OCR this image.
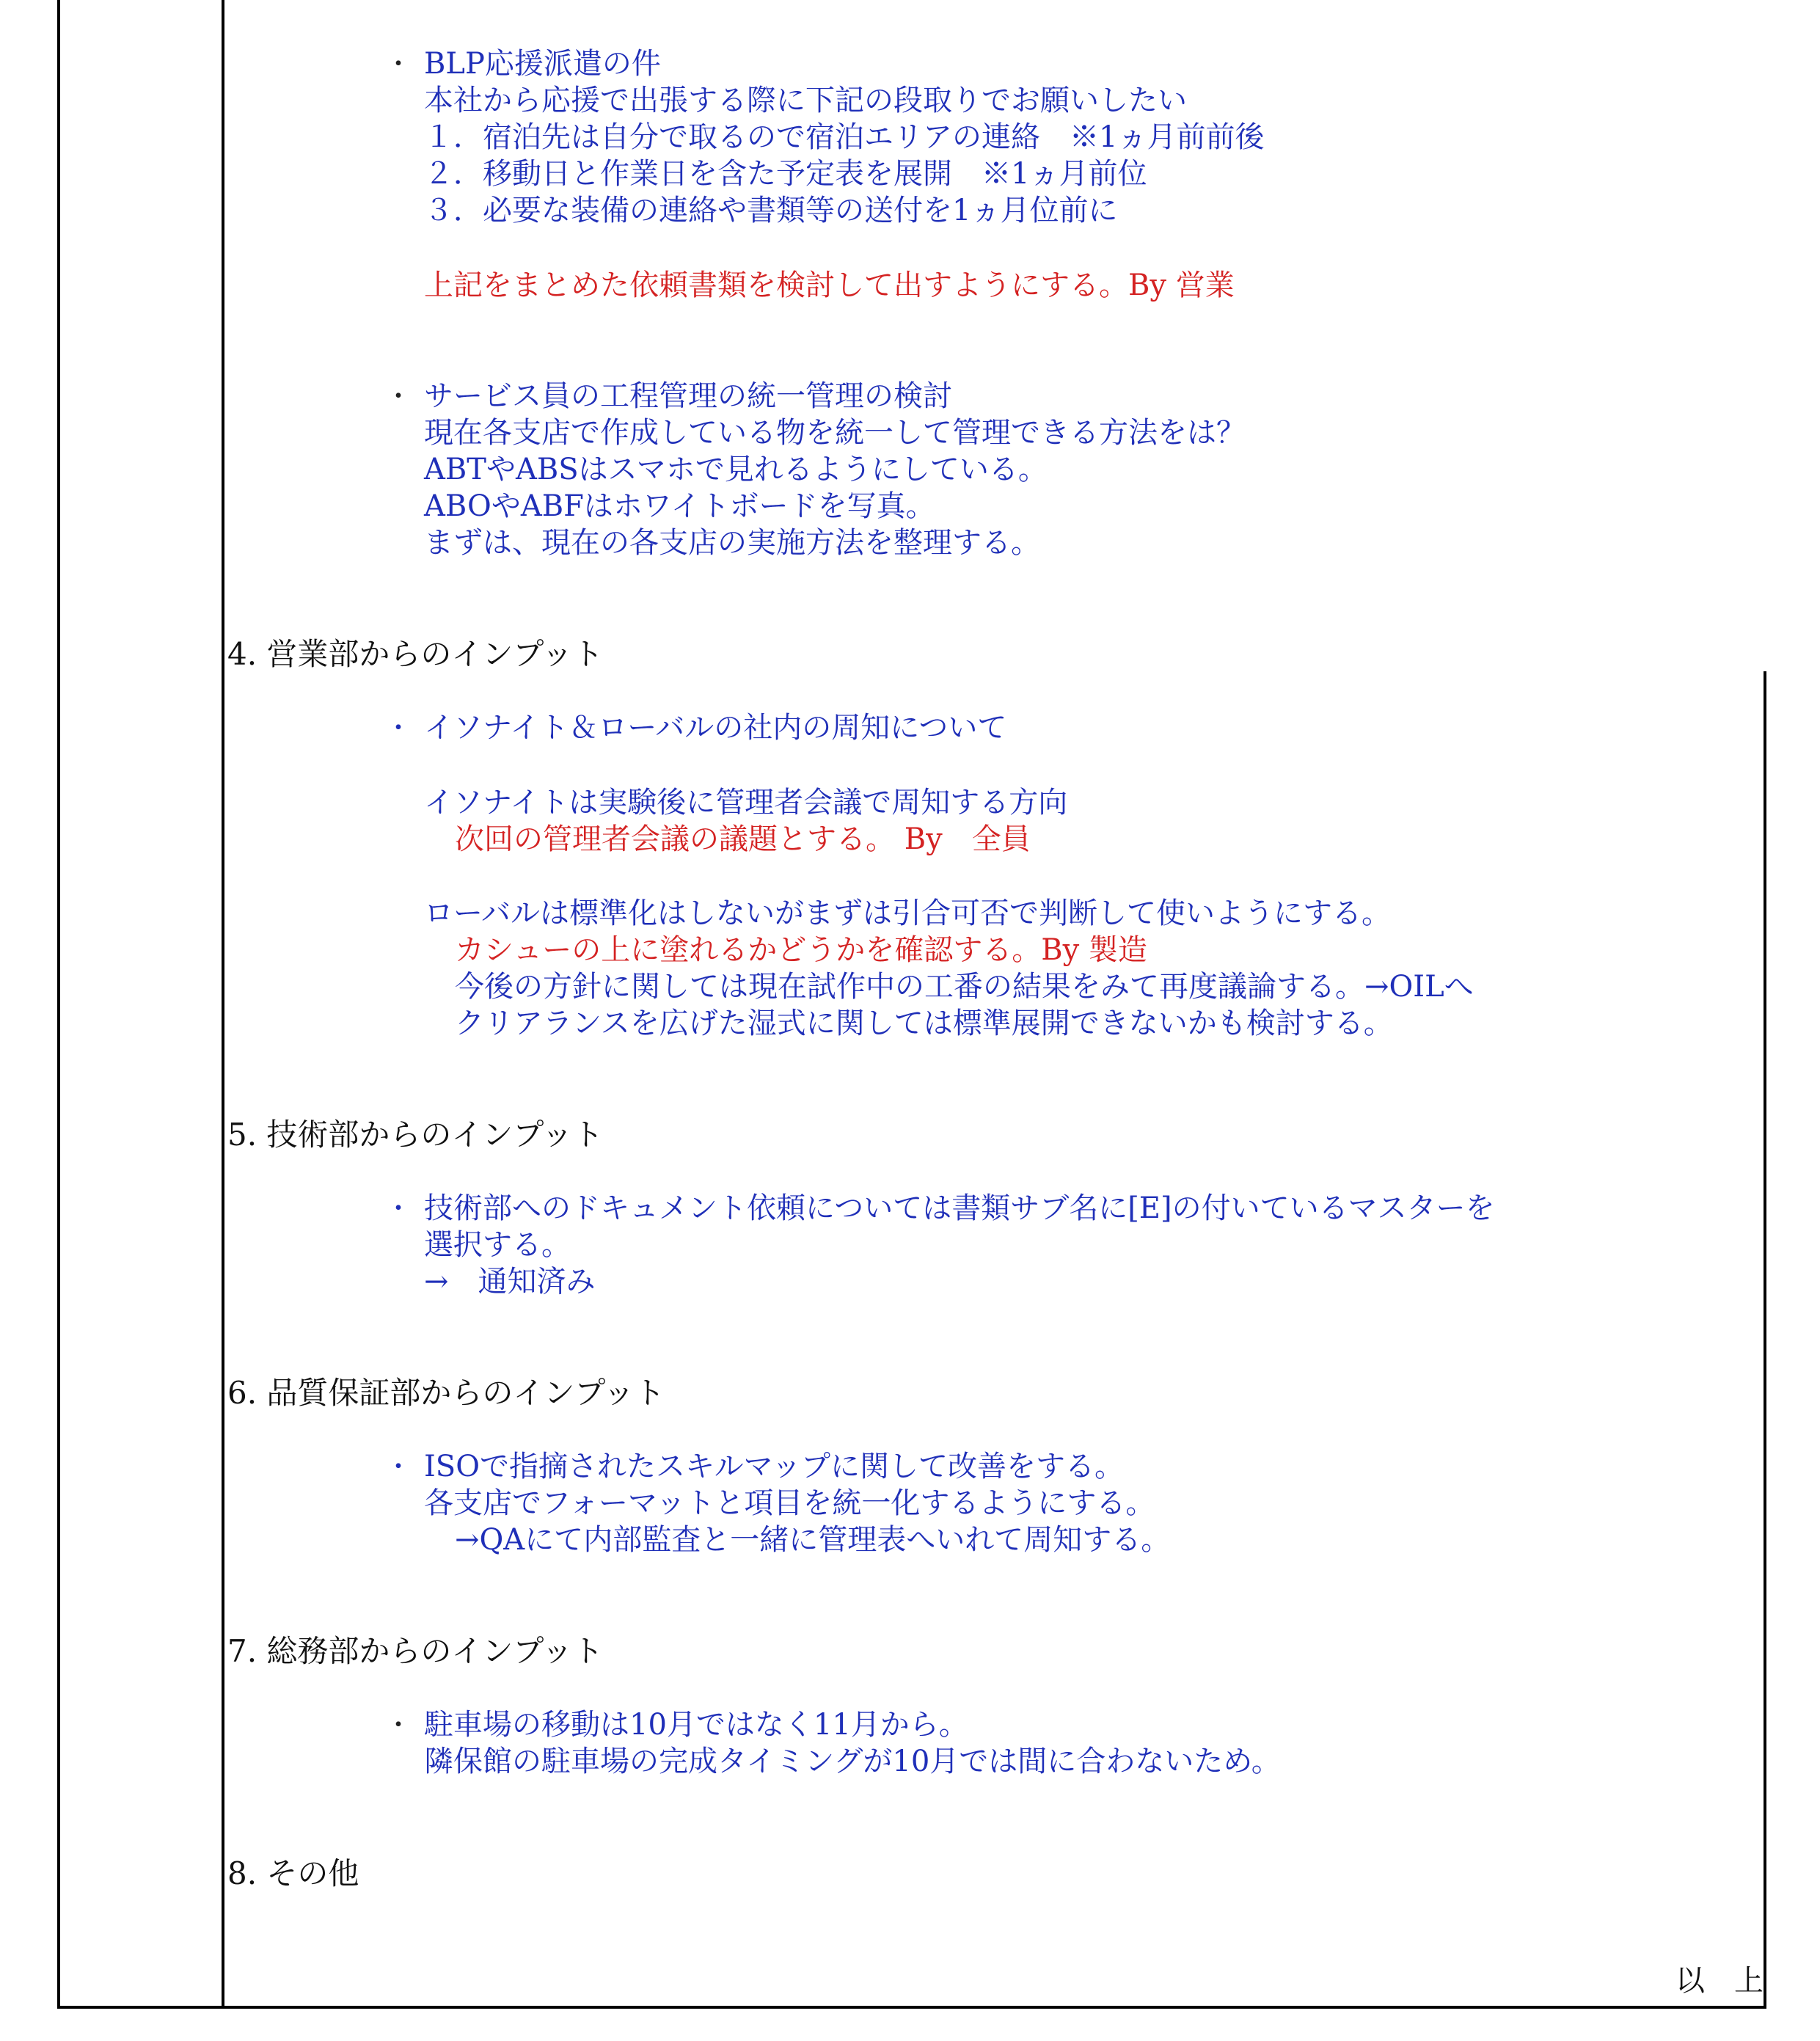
・ BLP応援派遣の件
本社から応援で出張する際に下記の段取りでお願いしたい
１．宿泊先は自分で取るので宿泊エリアの連絡　※1ヵ月前前後
２．移動日と作業日を含た予定表を展開　※1ヵ月前位
３．必要な装備の連絡や書類等の送付を1ヵ月位前に
上記をまとめた依頼書類を検討して出すようにする。By 営業
・ サービス員の工程管理の統一管理の検討
現在各支店で作成している物を統一して管理できる方法をは？
ABTやABSはスマホで見れるようにしている。
ABOやABFはホワイトボードを写真。
まずは、現在の各支店の実施方法を整理する。
4. 営業部からのインプット
・ イソナイト＆ローバルの社内の周知について
イソナイトは実験後に管理者会議で周知する方向
次回の管理者会議の議題とする。 By　全員
ローバルは標準化はしないがまずは引合可否で判断して使いようにする。
カシューの上に塗れるかどうかを確認する。By 製造
今後の方針に関しては現在試作中の工番の結果をみて再度議論する。→OILへ
クリアランスを広げた湿式に関しては標準展開できないかも検討する。
5. 技術部からのインプット
・ 技術部へのドキュメント依頼については書類サブ名に[E]の付いているマスターを
選択する。
→　通知済み
6. 品質保証部からのインプット
・ ISOで指摘されたスキルマップに関して改善をする。
各支店でフォーマットと項目を統一化するようにする。
→QAにて内部監査と一緒に管理表へいれて周知する。
7. 総務部からのインプット
・ 駐車場の移動は10月ではなく11月から。
隣保館の駐車場の完成タイミングが10月では間に合わないため。
8. その他
以　上
